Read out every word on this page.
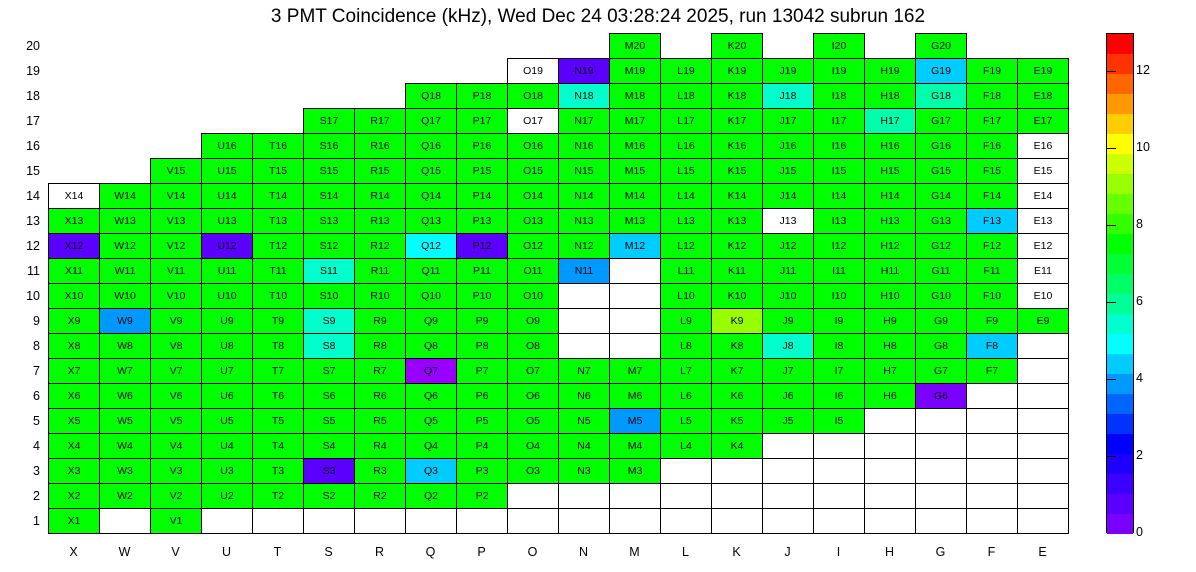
3 PMT Coincidence (kHz), Wed Dec 24 03:28:24 2025, run 13042 subrun 162
											M20		K20		I20		G20		
									O19	N19	M19	L19	K19	J19	I19	H19	G19	F19	E19
							Q18	P18	O18	N18	M18	L18	K18	J18	I18	H18	G18	F18	E18
					S17	R17	Q17	P17	O17	N17	M17	L17	K17	J17	I17	H17	G17	F17	E17
			U16	T16	S16	R16	Q16	P16	O16	N16	M16	L16	K16	J16	I16	H16	G16	F16	E16
		V15	U15	T15	S15	R15	Q15	P15	O15	N15	M15	L15	K15	J15	I15	H15	G15	F15	E15
X14	W14	V14	U14	T14	S14	R14	Q14	P14	O14	N14	M14	L14	K14	J14	I14	H14	G14	F14	E14
X13	W13	V13	U13	T13	S13	R13	Q13	P13	O13	N13	M13	L13	K13	J13	I13	H13	G13	F13	E13
X12	W12	V12	U12	T12	S12	R12	Q12	P12	O12	N12	M12	L12	K12	J12	I12	H12	G12	F12	E12
X11	W11	V11	U11	T11	S11	R11	Q11	P11	O11	N11		L11	K11	J11	I11	H11	G11	F11	E11
X10	W10	V10	U10	T10	S10	R10	Q10	P10	O10			L10	K10	J10	I10	H10	G10	F10	E10
X9	W9	V9	U9	T9	S9	R9	Q9	P9	O9			L9	K9	J9	I9	H9	G9	F9	E9
X8	W8	V8	U8	T8	S8	R8	Q8	P8	O8			L8	K8	J8	I8	H8	G8	F8	
X7	W7	V7	U7	T7	S7	R7	Q7	P7	O7	N7	M7	L7	K7	J7	I7	H7	G7	F7	
X6	W6	V6	U6	T6	S6	R6	Q6	P6	O6	N6	M6	L6	K6	J6	I6	H6	G6		
X5	W5	V5	U5	T5	S5	R5	Q5	P5	O5	N5	M5	L5	K5	J5	I5				
X4	W4	V4	U4	T4	S4	R4	Q4	P4	O4	N4	M4	L4	K4						
X3	W3	V3	U3	T3	S3	R3	Q3	P3	O3	N3	M3								
X2	W2	V2	U2	T2	S2	R2	Q2	P2											
X1		V1																	
20
19
18
17
16
15
14
13
12
11
10
9
8
7
6
5
4
3
2
1
X	W	V	U	T	S	R	Q	P	O	N	M	L	K	J	I	H	G	F	E
0
2
4
6
8
10
12
